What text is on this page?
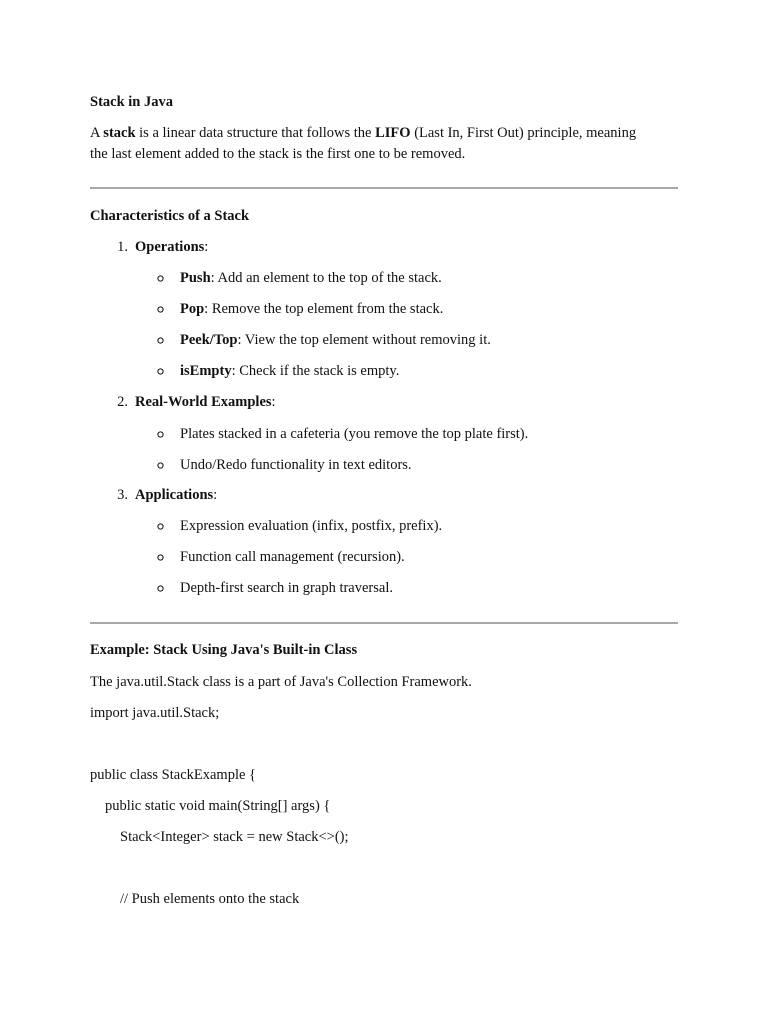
Stack in Java
A stack is a linear data structure that follows the LIFO (Last In, First Out) principle, meaning
the last element added to the stack is the first one to be removed.
Characteristics of a Stack
1. Operations:
Push: Add an element to the top of the stack.
Pop: Remove the top element from the stack.
Peek/Top: View the top element without removing it.
isEmpty: Check if the stack is empty.
2. Real-World Examples:
Plates stacked in a cafeteria (you remove the top plate first).
Undo/Redo functionality in text editors.
3. Applications:
Expression evaluation (infix, postfix, prefix).
Function call management (recursion).
Depth-first search in graph traversal.
Example: Stack Using Java's Built-in Class
The java.util.Stack class is a part of Java's Collection Framework.
import java.util.Stack;
public class StackExample {
public static void main(String[] args) {
Stack<Integer> stack = new Stack<>();
// Push elements onto the stack
